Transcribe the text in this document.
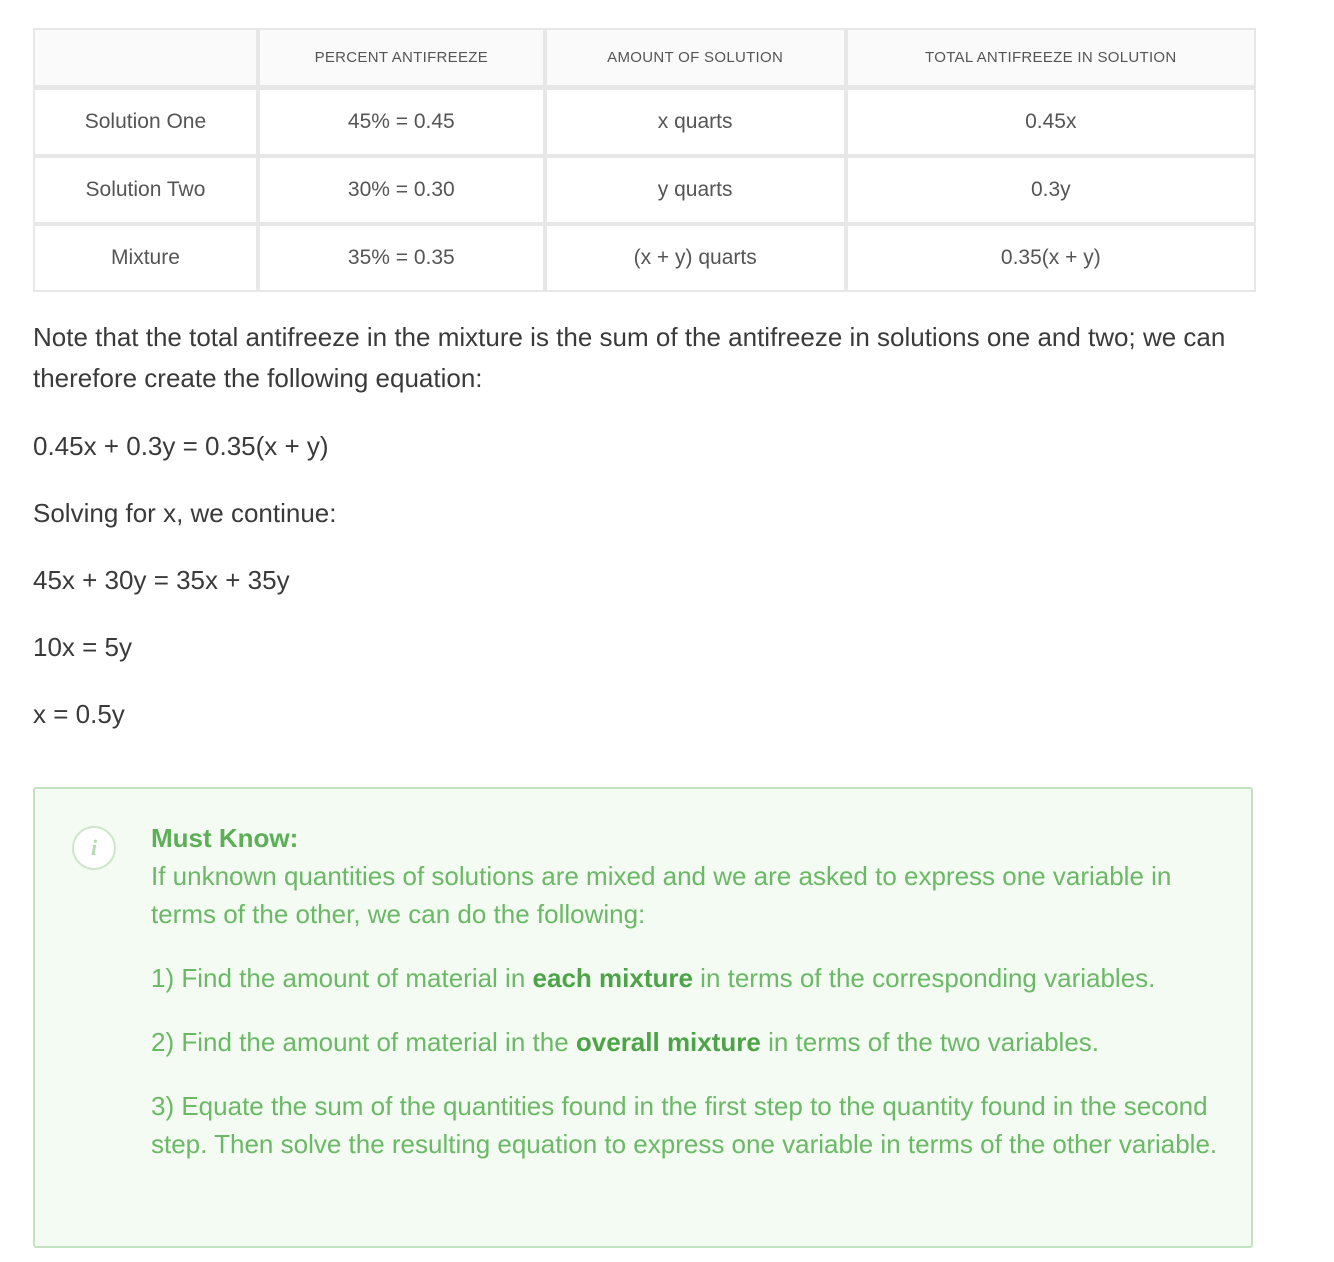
	PERCENT ANTIFREEZE	AMOUNT OF SOLUTION	TOTAL ANTIFREEZE IN SOLUTION
Solution One	45% = 0.45	x quarts	0.45x
Solution Two	30% = 0.30	y quarts	0.3y
Mixture	35% = 0.35	(x + y) quarts	0.35(x + y)

Note that the total antifreeze in the mixture is the sum of the antifreeze in solutions one and two; we can therefore create the following equation:

0.45x + 0.3y = 0.35(x + y)

Solving for x, we continue:

45x + 30y = 35x + 35y

10x = 5y

x = 0.5y

i	Must Know:

If unknown quantities of solutions are mixed and we are asked to express one variable in terms of the other, we can do the following:

1) Find the amount of material in each mixture in terms of the corresponding variables.

2) Find the amount of material in the overall mixture in terms of the two variables.

3) Equate the sum of the quantities found in the first step to the quantity found in the second step. Then solve the resulting equation to express one variable in terms of the other variable.
